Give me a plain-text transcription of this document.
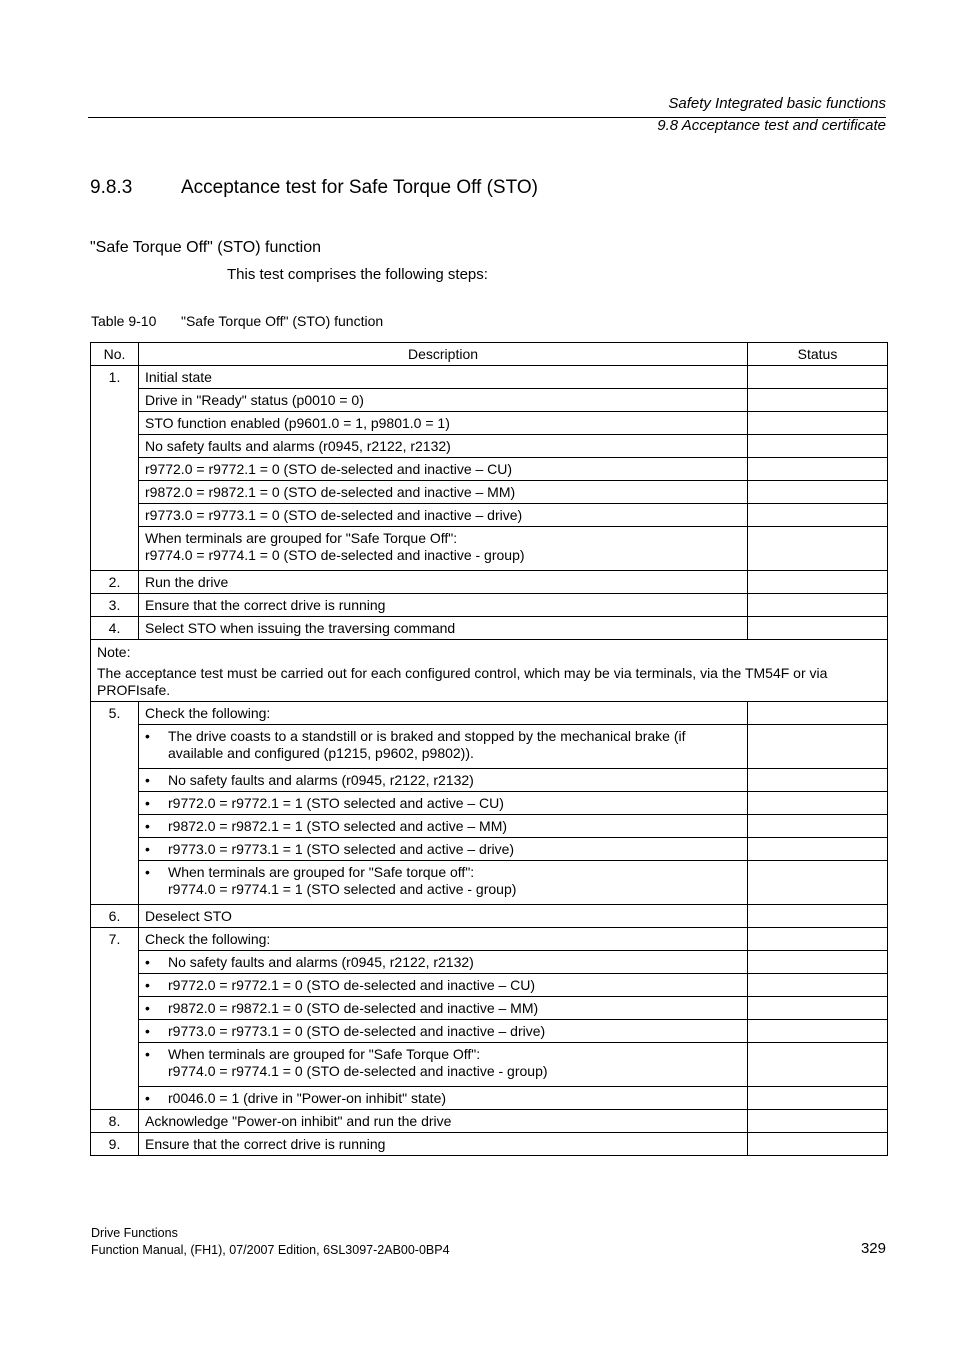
Safety Integrated basic functions
9.8 Acceptance test and certificate
9.8.3	Acceptance test for Safe Torque Off (STO)
"Safe Torque Off" (STO) function
This test comprises the following steps:
Table 9-10 "Safe Torque Off" (STO) function
No.	Description	Status
1.	Initial state	
	Drive in "Ready" status (p0010 = 0)	
	STO function enabled (p9601.0 = 1, p9801.0 = 1)	
	No safety faults and alarms (r0945, r2122, r2132)	
	r9772.0 = r9772.1 = 0 (STO de-selected and inactive – CU)	
	r9872.0 = r9872.1 = 0 (STO de-selected and inactive – MM)	
	r9773.0 = r9773.1 = 0 (STO de-selected and inactive – drive)	

	When terminals are grouped for "Safe Torque Off":
r9774.0 = r9774.1 = 0 (STO de-selected and inactive - group)	

2.	Run the drive	
3.	Ensure that the correct drive is running	
4.	Select STO when issuing the traversing command	

Note:
The acceptance test must be carried out for each configured control, which may be via terminals, via the TM54F or via PROFIsafe.		

5.	Check the following:	

	• The drive coasts to a standstill or is braked and stopped by the mechanical brake (if
available and configured (p1215, p9602, p9802)).	

	• No safety faults and alarms (r0945, r2122, r2132)	

	• r9772.0 = r9772.1 = 1 (STO selected and active – CU)	

	• r9872.0 = r9872.1 = 1 (STO selected and active – MM)	

	• r9773.0 = r9773.1 = 1 (STO selected and active – drive)	

	• When terminals are grouped for "Safe torque off":
r9774.0 = r9774.1 = 1 (STO selected and active - group)	

6.	Deselect STO	
7.	Check the following:	

	• No safety faults and alarms (r0945, r2122, r2132)	

	• r9772.0 = r9772.1 = 0 (STO de-selected and inactive – CU)	

	• r9872.0 = r9872.1 = 0 (STO de-selected and inactive – MM)	

	• r9773.0 = r9773.1 = 0 (STO de-selected and inactive – drive)	

	• When terminals are grouped for "Safe Torque Off":
r9774.0 = r9774.1 = 0 (STO de-selected and inactive - group)	

	• r0046.0 = 1 (drive in "Power-on inhibit" state)	

8.	Acknowledge "Power-on inhibit" and run the drive	
9.	Ensure that the correct drive is running	
Drive Functions
Function Manual, (FH1), 07/2007 Edition, 6SL3097-2AB00-0BP4	329
